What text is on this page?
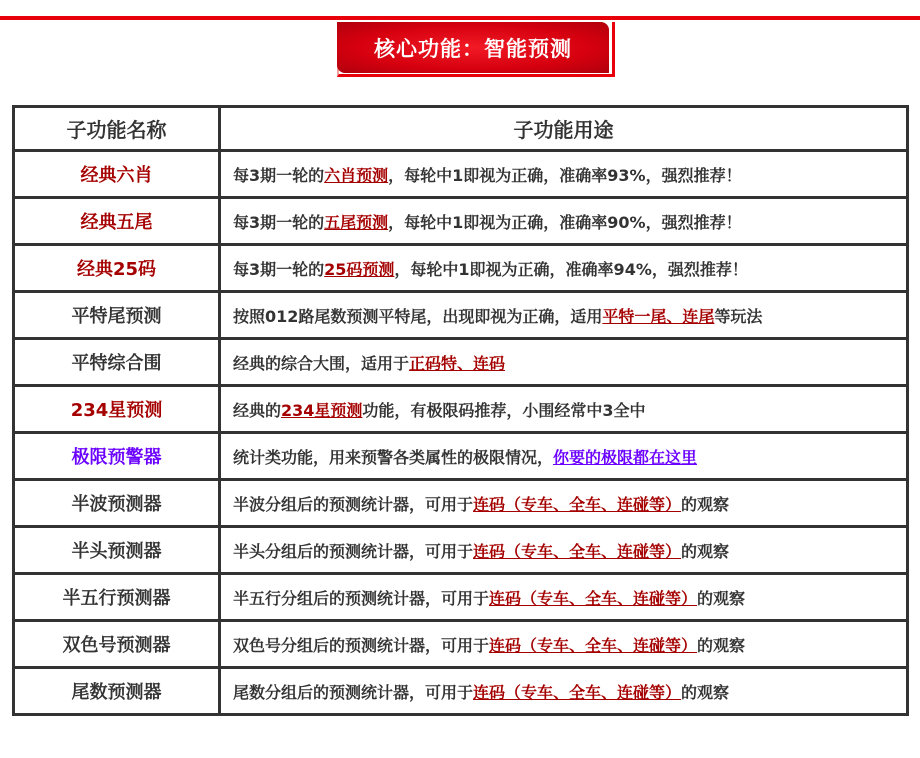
核心功能：智能预测
子功能名称	子功能用途
经典六肖	每3期一轮的六肖预测，每轮中1即视为正确，准确率93%，强烈推荐！
经典五尾	每3期一轮的五尾预测，每轮中1即视为正确，准确率90%，强烈推荐！
经典25码	每3期一轮的25码预测，每轮中1即视为正确，准确率94%，强烈推荐！
平特尾预测	按照012路尾数预测平特尾，出现即视为正确，适用平特一尾、连尾等玩法
平特综合围	经典的综合大围，适用于正码特、连码
234星预测	经典的234星预测功能，有极限码推荐，小围经常中3全中
极限预警器	统计类功能，用来预警各类属性的极限情况，你要的极限都在这里
半波预测器	半波分组后的预测统计器，可用于连码（专车、全车、连碰等）的观察
半头预测器	半头分组后的预测统计器，可用于连码（专车、全车、连碰等）的观察
半五行预测器	半五行分组后的预测统计器，可用于连码（专车、全车、连碰等）的观察
双色号预测器	双色号分组后的预测统计器，可用于连码（专车、全车、连碰等）的观察
尾数预测器	尾数分组后的预测统计器，可用于连码（专车、全车、连碰等）的观察
